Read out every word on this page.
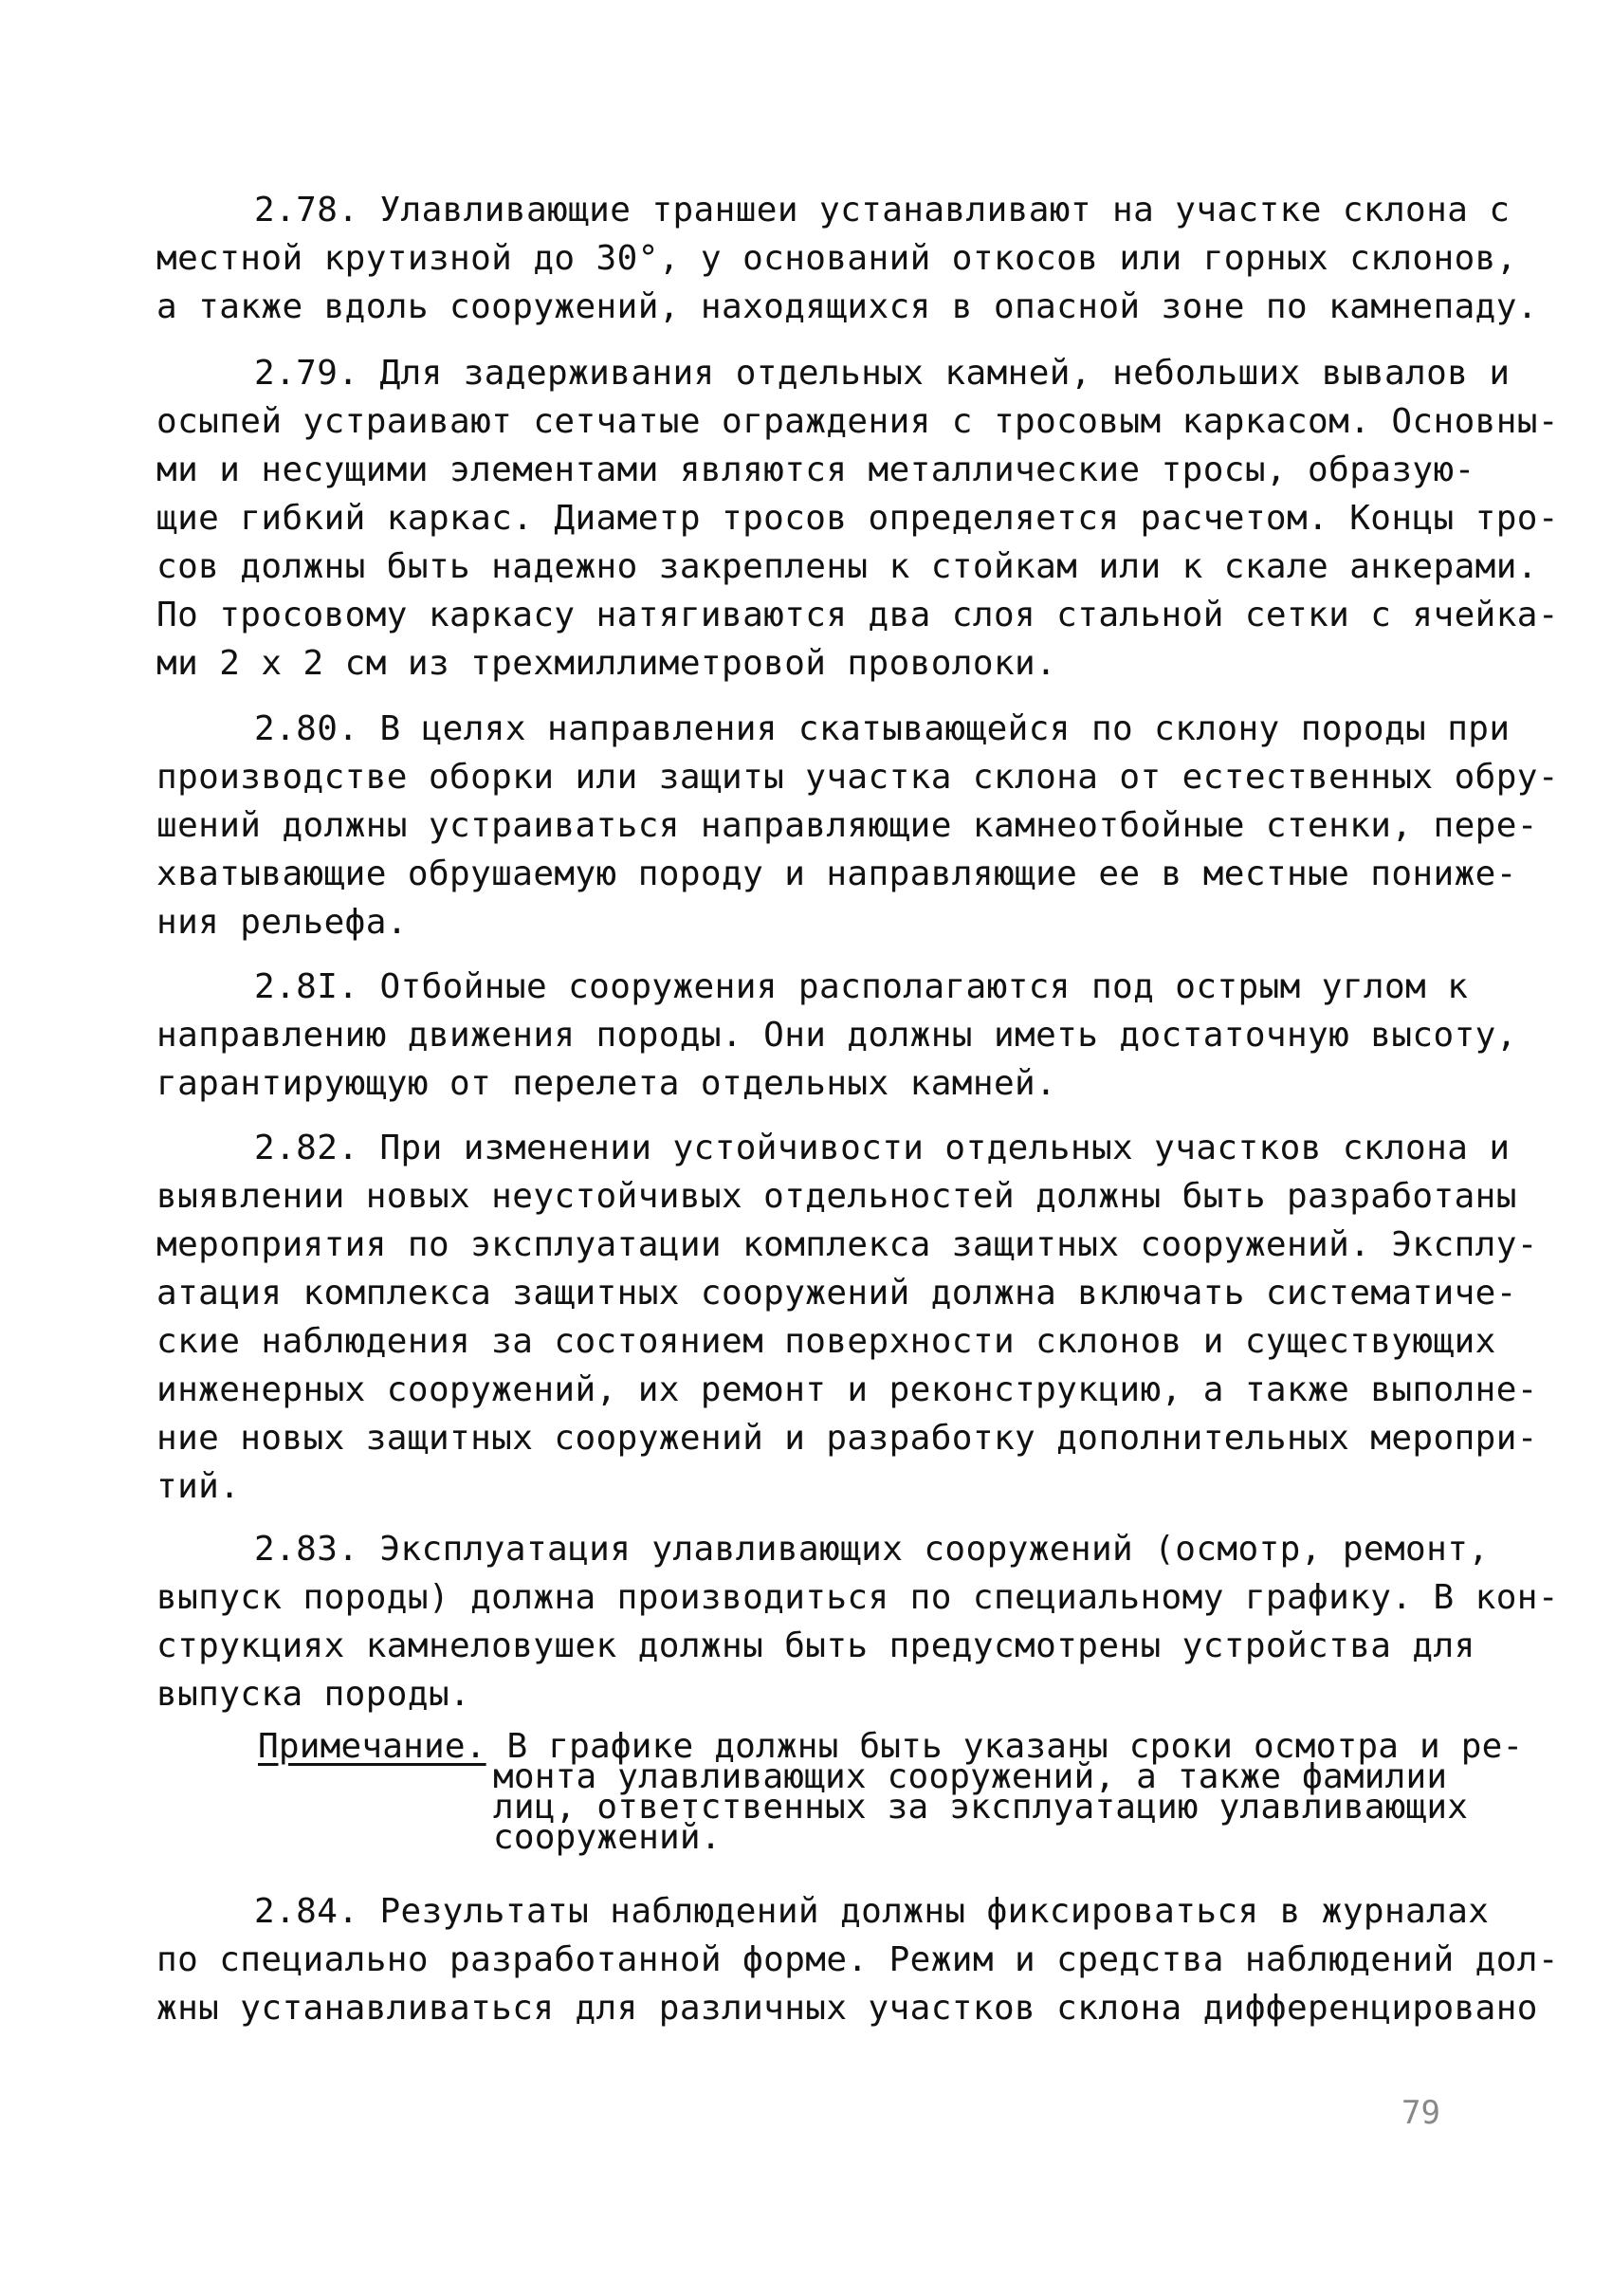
2.78. Улавливающие траншеи устанавливают на участке склона с
местной крутизной до 30°, у оснований откосов или горных склонов,
а также вдоль сооружений, находящихся в опасной зоне по камнепаду.
2.79. Для задерживания отдельных камней, небольших вывалов и
осыпей устраивают сетчатые ограждения с тросовым каркасом. Основны-
ми и несущими элементами являются металлические тросы, образую-
щие гибкий каркас. Диаметр тросов определяется расчетом. Концы тро-
сов должны быть надежно закреплены к стойкам или к скале анкерами.
По тросовому каркасу натягиваются два слоя стальной сетки с ячейка-
ми 2 х 2 см из трехмиллиметровой проволоки.
2.80. В целях направления скатывающейся по склону породы при
производстве оборки или защиты участка склона от естественных обру-
шений должны устраиваться направляющие камнеотбойные стенки, пере-
хватывающие обрушаемую породу и направляющие ее в местные пониже-
ния рельефа.
2.8I. Отбойные сооружения располагаются под острым углом к
направлению движения породы. Они должны иметь достаточную высоту,
гарантирующую от перелета отдельных камней.
2.82. При изменении устойчивости отдельных участков склона и
выявлении новых неустойчивых отдельностей должны быть разработаны
мероприятия по эксплуатации комплекса защитных сооружений. Эксплу-
атация комплекса защитных сооружений должна включать систематиче-
ские наблюдения за состоянием поверхности склонов и существующих
инженерных сооружений, их ремонт и реконструкцию, а также выполне-
ние новых защитных сооружений и разработку дополнительных меропри-
тий.
2.83. Эксплуатация улавливающих сооружений (осмотр, ремонт,
выпуск породы) должна производиться по специальному графику. В кон-
струкциях камнеловушек должны быть предусмотрены устройства для
выпуска породы.
Примечание. В графике должны быть указаны сроки осмотра и ре-
монта улавливающих сооружений, а также фамилии
лиц, ответственных за эксплуатацию улавливающих
сооружений.
2.84. Результаты наблюдений должны фиксироваться в журналах
по специально разработанной форме. Режим и средства наблюдений дол-
жны устанавливаться для различных участков склона дифференцировано
79
